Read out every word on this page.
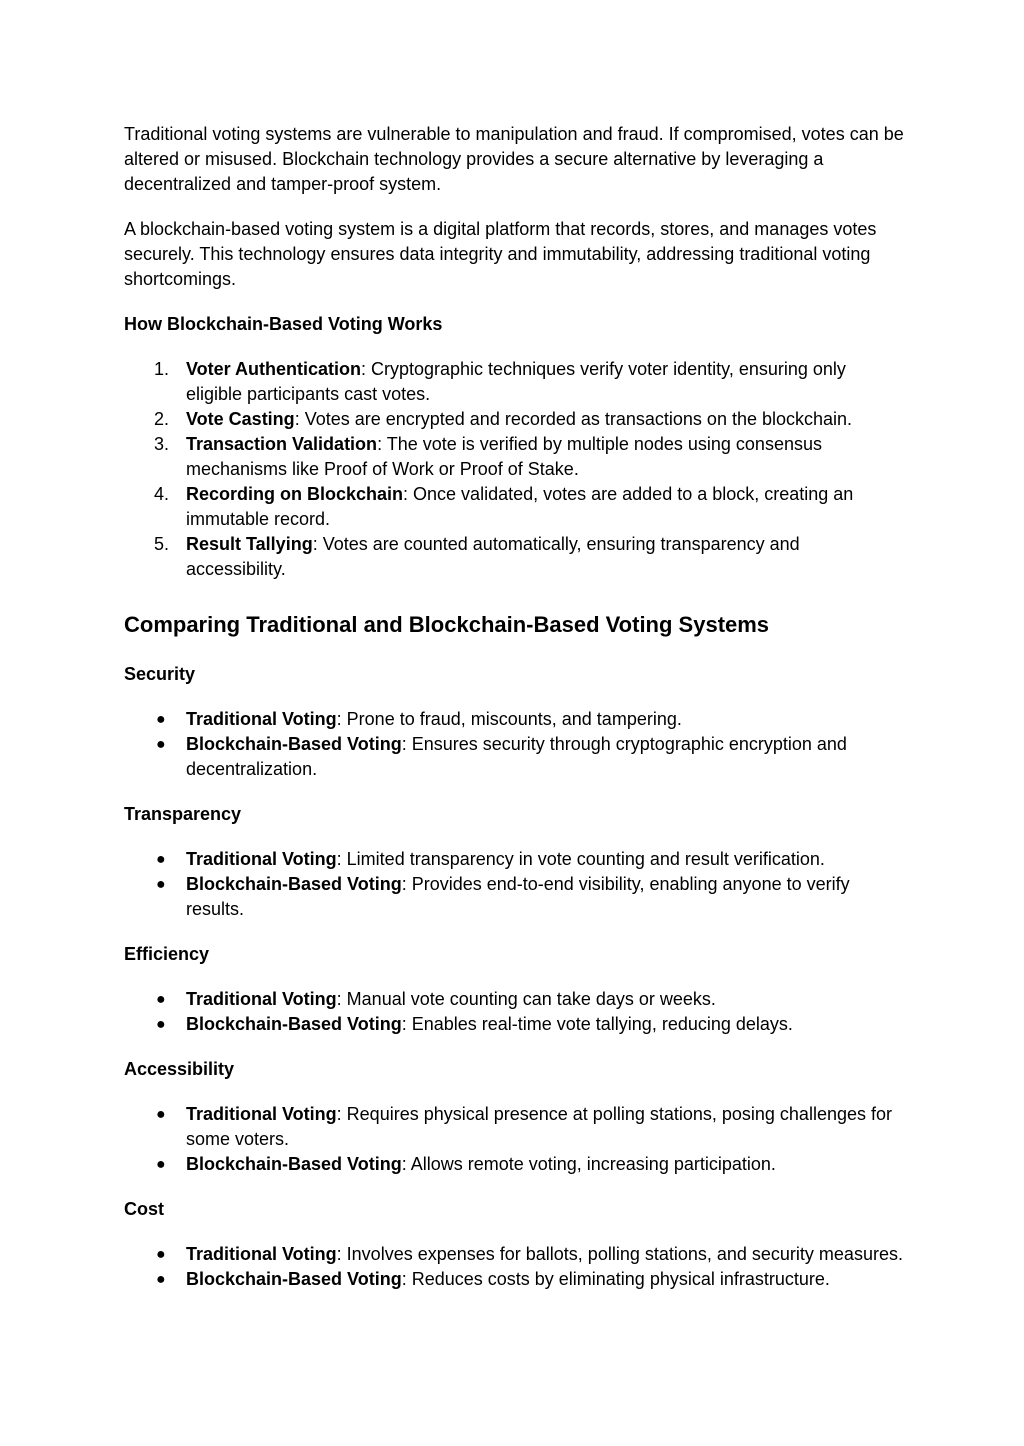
Traditional voting systems are vulnerable to manipulation and fraud. If compromised, votes can be altered or misused. Blockchain technology provides a secure alternative by leveraging a decentralized and tamper-proof system.

A blockchain-based voting system is a digital platform that records, stores, and manages votes securely. This technology ensures data integrity and immutability, addressing traditional voting shortcomings.

How Blockchain-Based Voting Works

1. Voter Authentication: Cryptographic techniques verify voter identity, ensuring only eligible participants cast votes.
2. Vote Casting: Votes are encrypted and recorded as transactions on the blockchain.
3. Transaction Validation: The vote is verified by multiple nodes using consensus mechanisms like Proof of Work or Proof of Stake.
4. Recording on Blockchain: Once validated, votes are added to a block, creating an immutable record.
5. Result Tallying: Votes are counted automatically, ensuring transparency and accessibility.
Comparing Traditional and Blockchain-Based Voting Systems

Security

● Traditional Voting: Prone to fraud, miscounts, and tampering.
● Blockchain-Based Voting: Ensures security through cryptographic encryption and decentralization.

Transparency

● Traditional Voting: Limited transparency in vote counting and result verification.
● Blockchain-Based Voting: Provides end-to-end visibility, enabling anyone to verify results.

Efficiency

● Traditional Voting: Manual vote counting can take days or weeks.
● Blockchain-Based Voting: Enables real-time vote tallying, reducing delays.

Accessibility

● Traditional Voting: Requires physical presence at polling stations, posing challenges for some voters.
● Blockchain-Based Voting: Allows remote voting, increasing participation.

Cost

● Traditional Voting: Involves expenses for ballots, polling stations, and security measures.
● Blockchain-Based Voting: Reduces costs by eliminating physical infrastructure.
